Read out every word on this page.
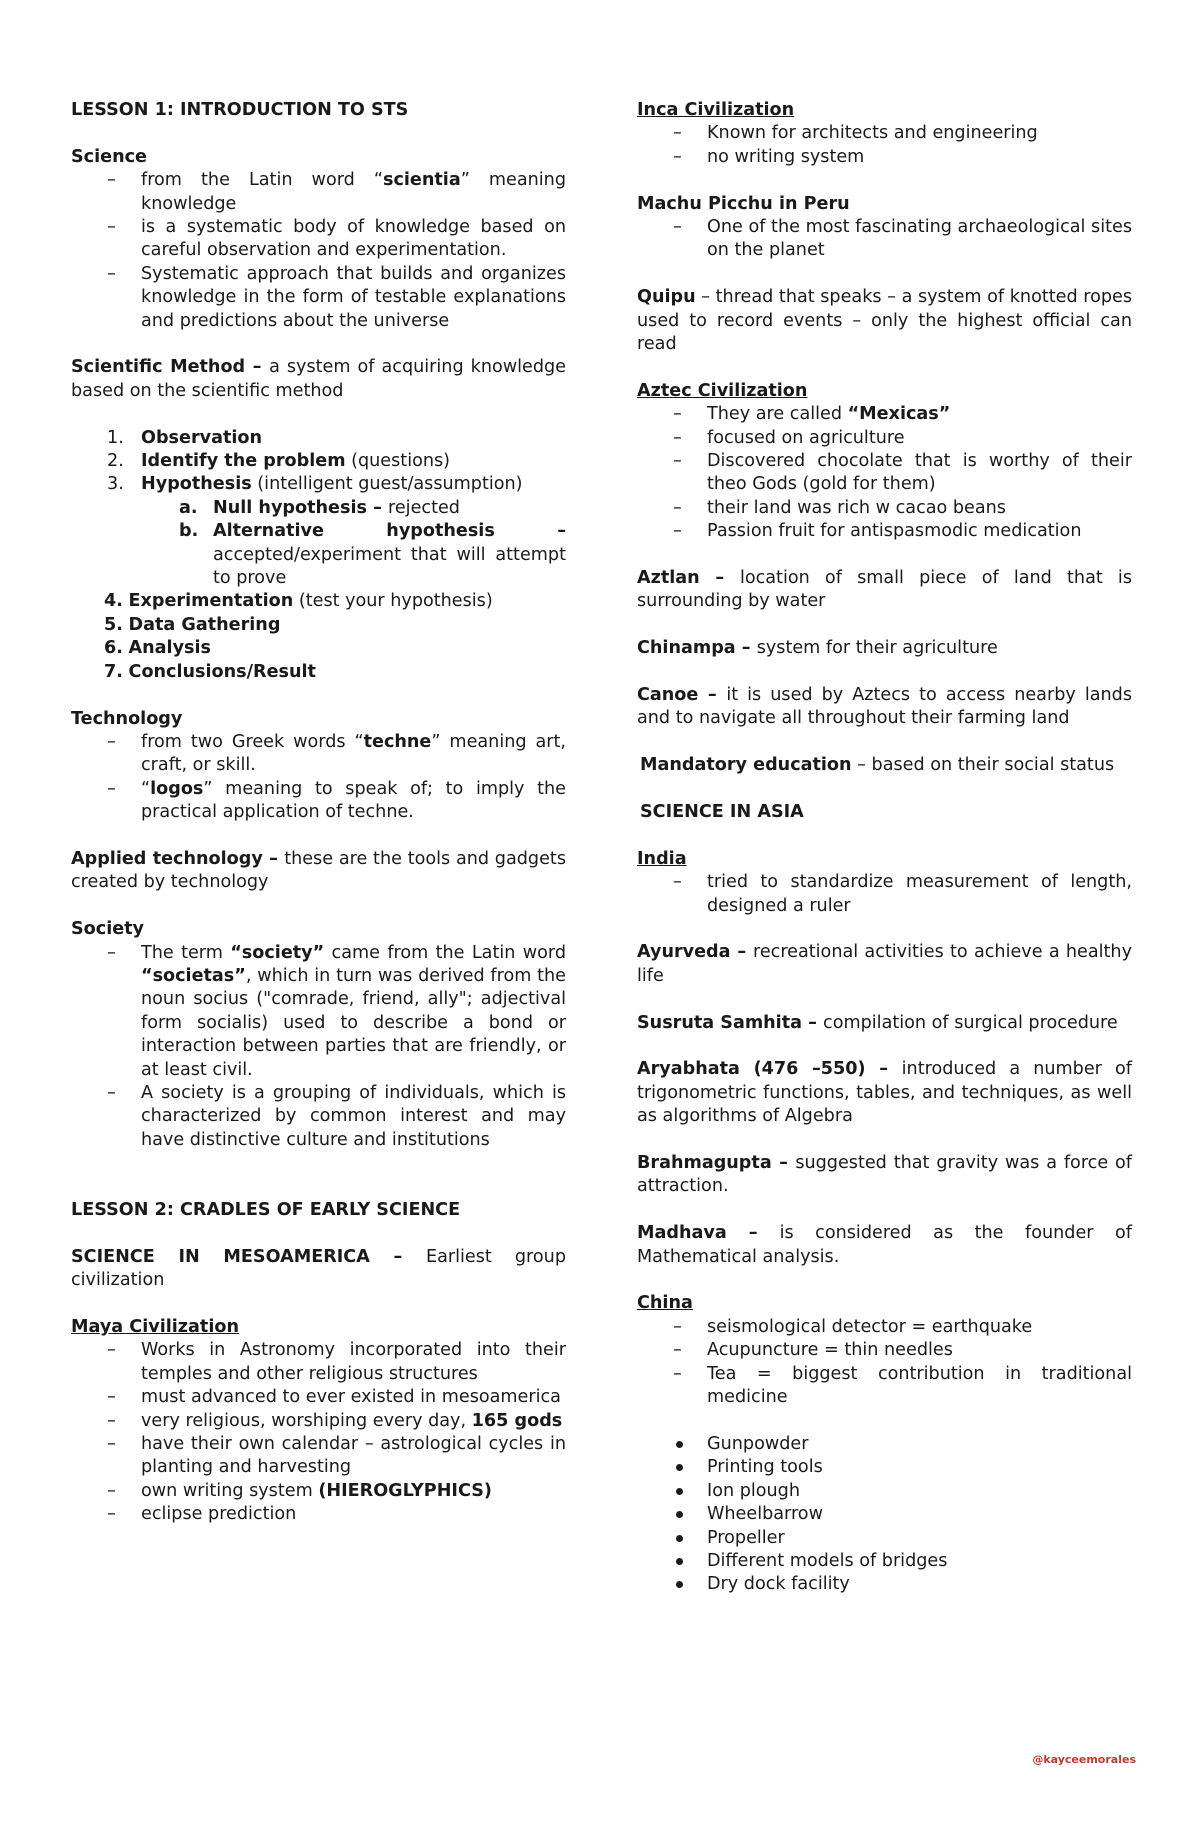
LESSON 1: INTRODUCTION TO STS
Science
– from the Latin word “scientia” meaning knowledge
– is a systematic body of knowledge based on careful observation and experimentation.
– Systematic approach that builds and organizes knowledge in the form of testable explanations and predictions about the universe
Scientific Method – a system of acquiring knowledge based on the scientific method
1. Observation
2. Identify the problem (questions)
3. Hypothesis (intelligent guest/assumption)
a. Null hypothesis – rejected
b. Alternative hypothesis – accepted/experiment that will attempt to prove
4. Experimentation (test your hypothesis)
5. Data Gathering
6. Analysis
7. Conclusions/Result
Technology
– from two Greek words “techne” meaning art, craft, or skill.
– “logos” meaning to speak of; to imply the practical application of techne.
Applied technology – these are the tools and gadgets created by technology
Society
– The term “society” came from the Latin word “societas”, which in turn was derived from the noun socius ("comrade, friend, ally"; adjectival form socialis) used to describe a bond or interaction between parties that are friendly, or at least civil.
– A society is a grouping of individuals, which is characterized by common interest and may have distinctive culture and institutions
LESSON 2: CRADLES OF EARLY SCIENCE
SCIENCE IN MESOAMERICA – Earliest group civilization
Maya Civilization
– Works in Astronomy incorporated into their temples and other religious structures
– must advanced to ever existed in mesoamerica
– very religious, worshiping every day, 165 gods
– have their own calendar – astrological cycles in planting and harvesting
– own writing system (HIEROGLYPHICS)
– eclipse prediction
Inca Civilization
– Known for architects and engineering
– no writing system
Machu Picchu in Peru
– One of the most fascinating archaeological sites on the planet
Quipu – thread that speaks – a system of knotted ropes used to record events – only the highest official can read
Aztec Civilization
– They are called “Mexicas”
– focused on agriculture
– Discovered chocolate that is worthy of their theo Gods (gold for them)
– their land was rich w cacao beans
– Passion fruit for antispasmodic medication
Aztlan – location of small piece of land that is surrounding by water
Chinampa – system for their agriculture
Canoe – it is used by Aztecs to access nearby lands and to navigate all throughout their farming land
Mandatory education – based on their social status
SCIENCE IN ASIA
India
– tried to standardize measurement of length, designed a ruler
Ayurveda – recreational activities to achieve a healthy life
Susruta Samhita – compilation of surgical procedure
Aryabhata (476 –550) – introduced a number of trigonometric functions, tables, and techniques, as well as algorithms of Algebra
Brahmagupta – suggested that gravity was a force of attraction.
Madhava – is considered as the founder of Mathematical analysis.
China
– seismological detector = earthquake
– Acupuncture = thin needles
– Tea = biggest contribution in traditional medicine
Gunpowder
Printing tools
Ion plough
Wheelbarrow
Propeller
Different models of bridges
Dry dock facility
@kayceemorales
